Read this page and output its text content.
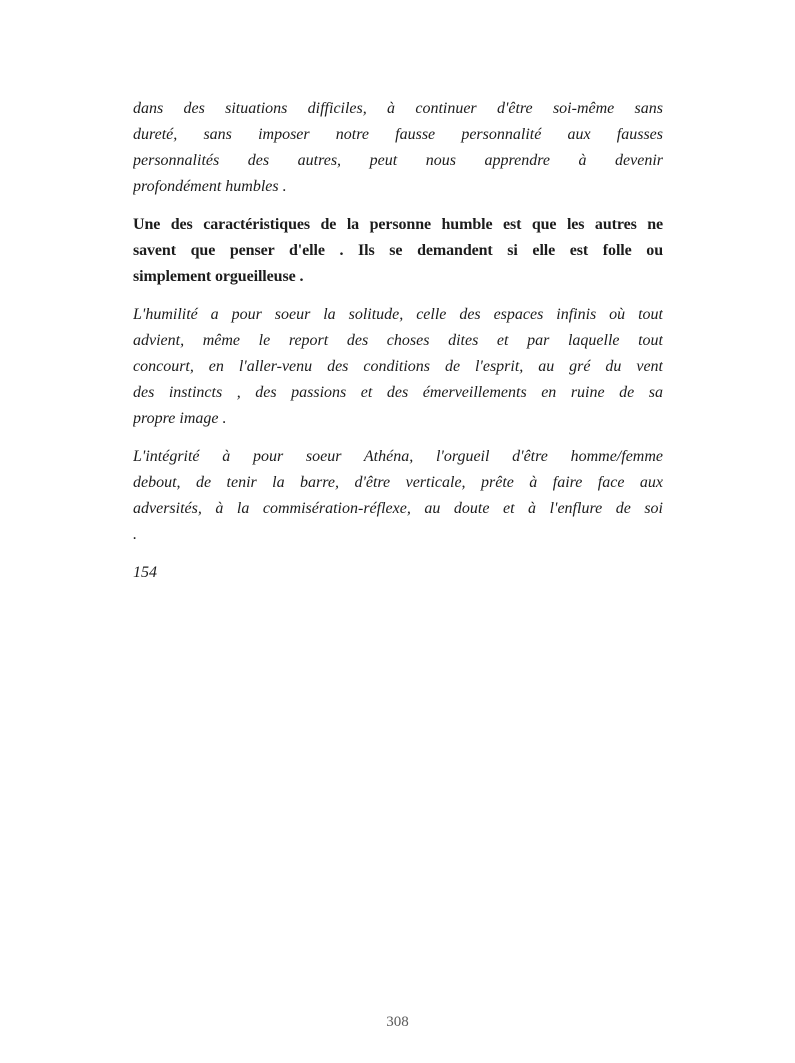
dans des situations difficiles, à continuer d'être soi-même sans
dureté, sans imposer notre fausse personnalité aux fausses
personnalités des autres, peut nous apprendre à devenir
profondément humbles .
Une des caractéristiques de la personne humble est que les autres ne
savent que penser d'elle . Ils se demandent si elle est folle ou
simplement orgueilleuse .
L'humilité a pour soeur la solitude, celle des espaces infinis où tout
advient, même le report des choses dites et par laquelle tout
concourt, en l'aller-venu des conditions de l'esprit, au gré du vent
des instincts , des passions et des émerveillements en ruine de sa
propre image .
L'intégrité à pour soeur Athéna, l'orgueil d'être homme/femme
debout, de tenir la barre, d'être verticale, prête à faire face aux
adversités, à la commisération-réflexe, au doute et à l'enflure de soi
.
154
308
